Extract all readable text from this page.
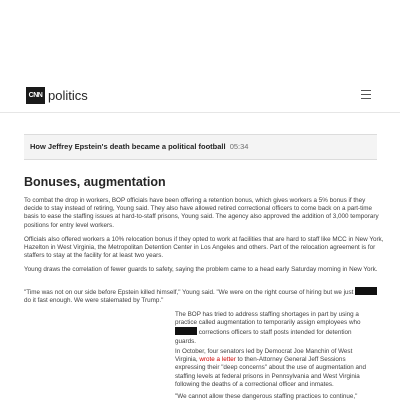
CNN politics
How Jeffrey Epstein's death became a political football 05:34
Bonuses, augmentation

To combat the drop in workers, BOP officials have been offering a retention bonus, which gives workers a 5% bonus if they decide to stay instead of retiring, Young said. They also have allowed retired correctional officers to come back on a part-time basis to ease the staffing issues at hard-to-staff prisons, Young said. The agency also approved the addition of 3,000 temporary positions for entry level workers.

Officials also offered workers a 10% relocation bonus if they opted to work at facilities that are hard to staff like MCC in New York, Hazelton in West Virginia, the Metropolitan Detention Center in Los Angeles and others. Part of the relocation agreement is for staffers to stay at the facility for at least two years.

Young draws the correlation of fewer guards to safety, saying the problem came to a head early Saturday morning in New York.

"Time was not on our side before Epstein killed himself," Young said. "We were on the right course of hiring but we just  do it fast enough. We were stalemated by Trump."

The BOP has tried to address staffing shortages in part by using a practice called augmentation to temporarily assign employees who  corrections officers to staff posts intended for detention guards.

In October, four senators led by Democrat Joe Manchin of West Virginia, wrote a letter to then-Attorney General Jeff Sessions expressing their "deep concerns" about the use of augmentation and staffing levels at federal prisons in Pennsylvania and West Virginia following the deaths of a correctional officer and inmates.

"We cannot allow these dangerous staffing practices to continue,"
